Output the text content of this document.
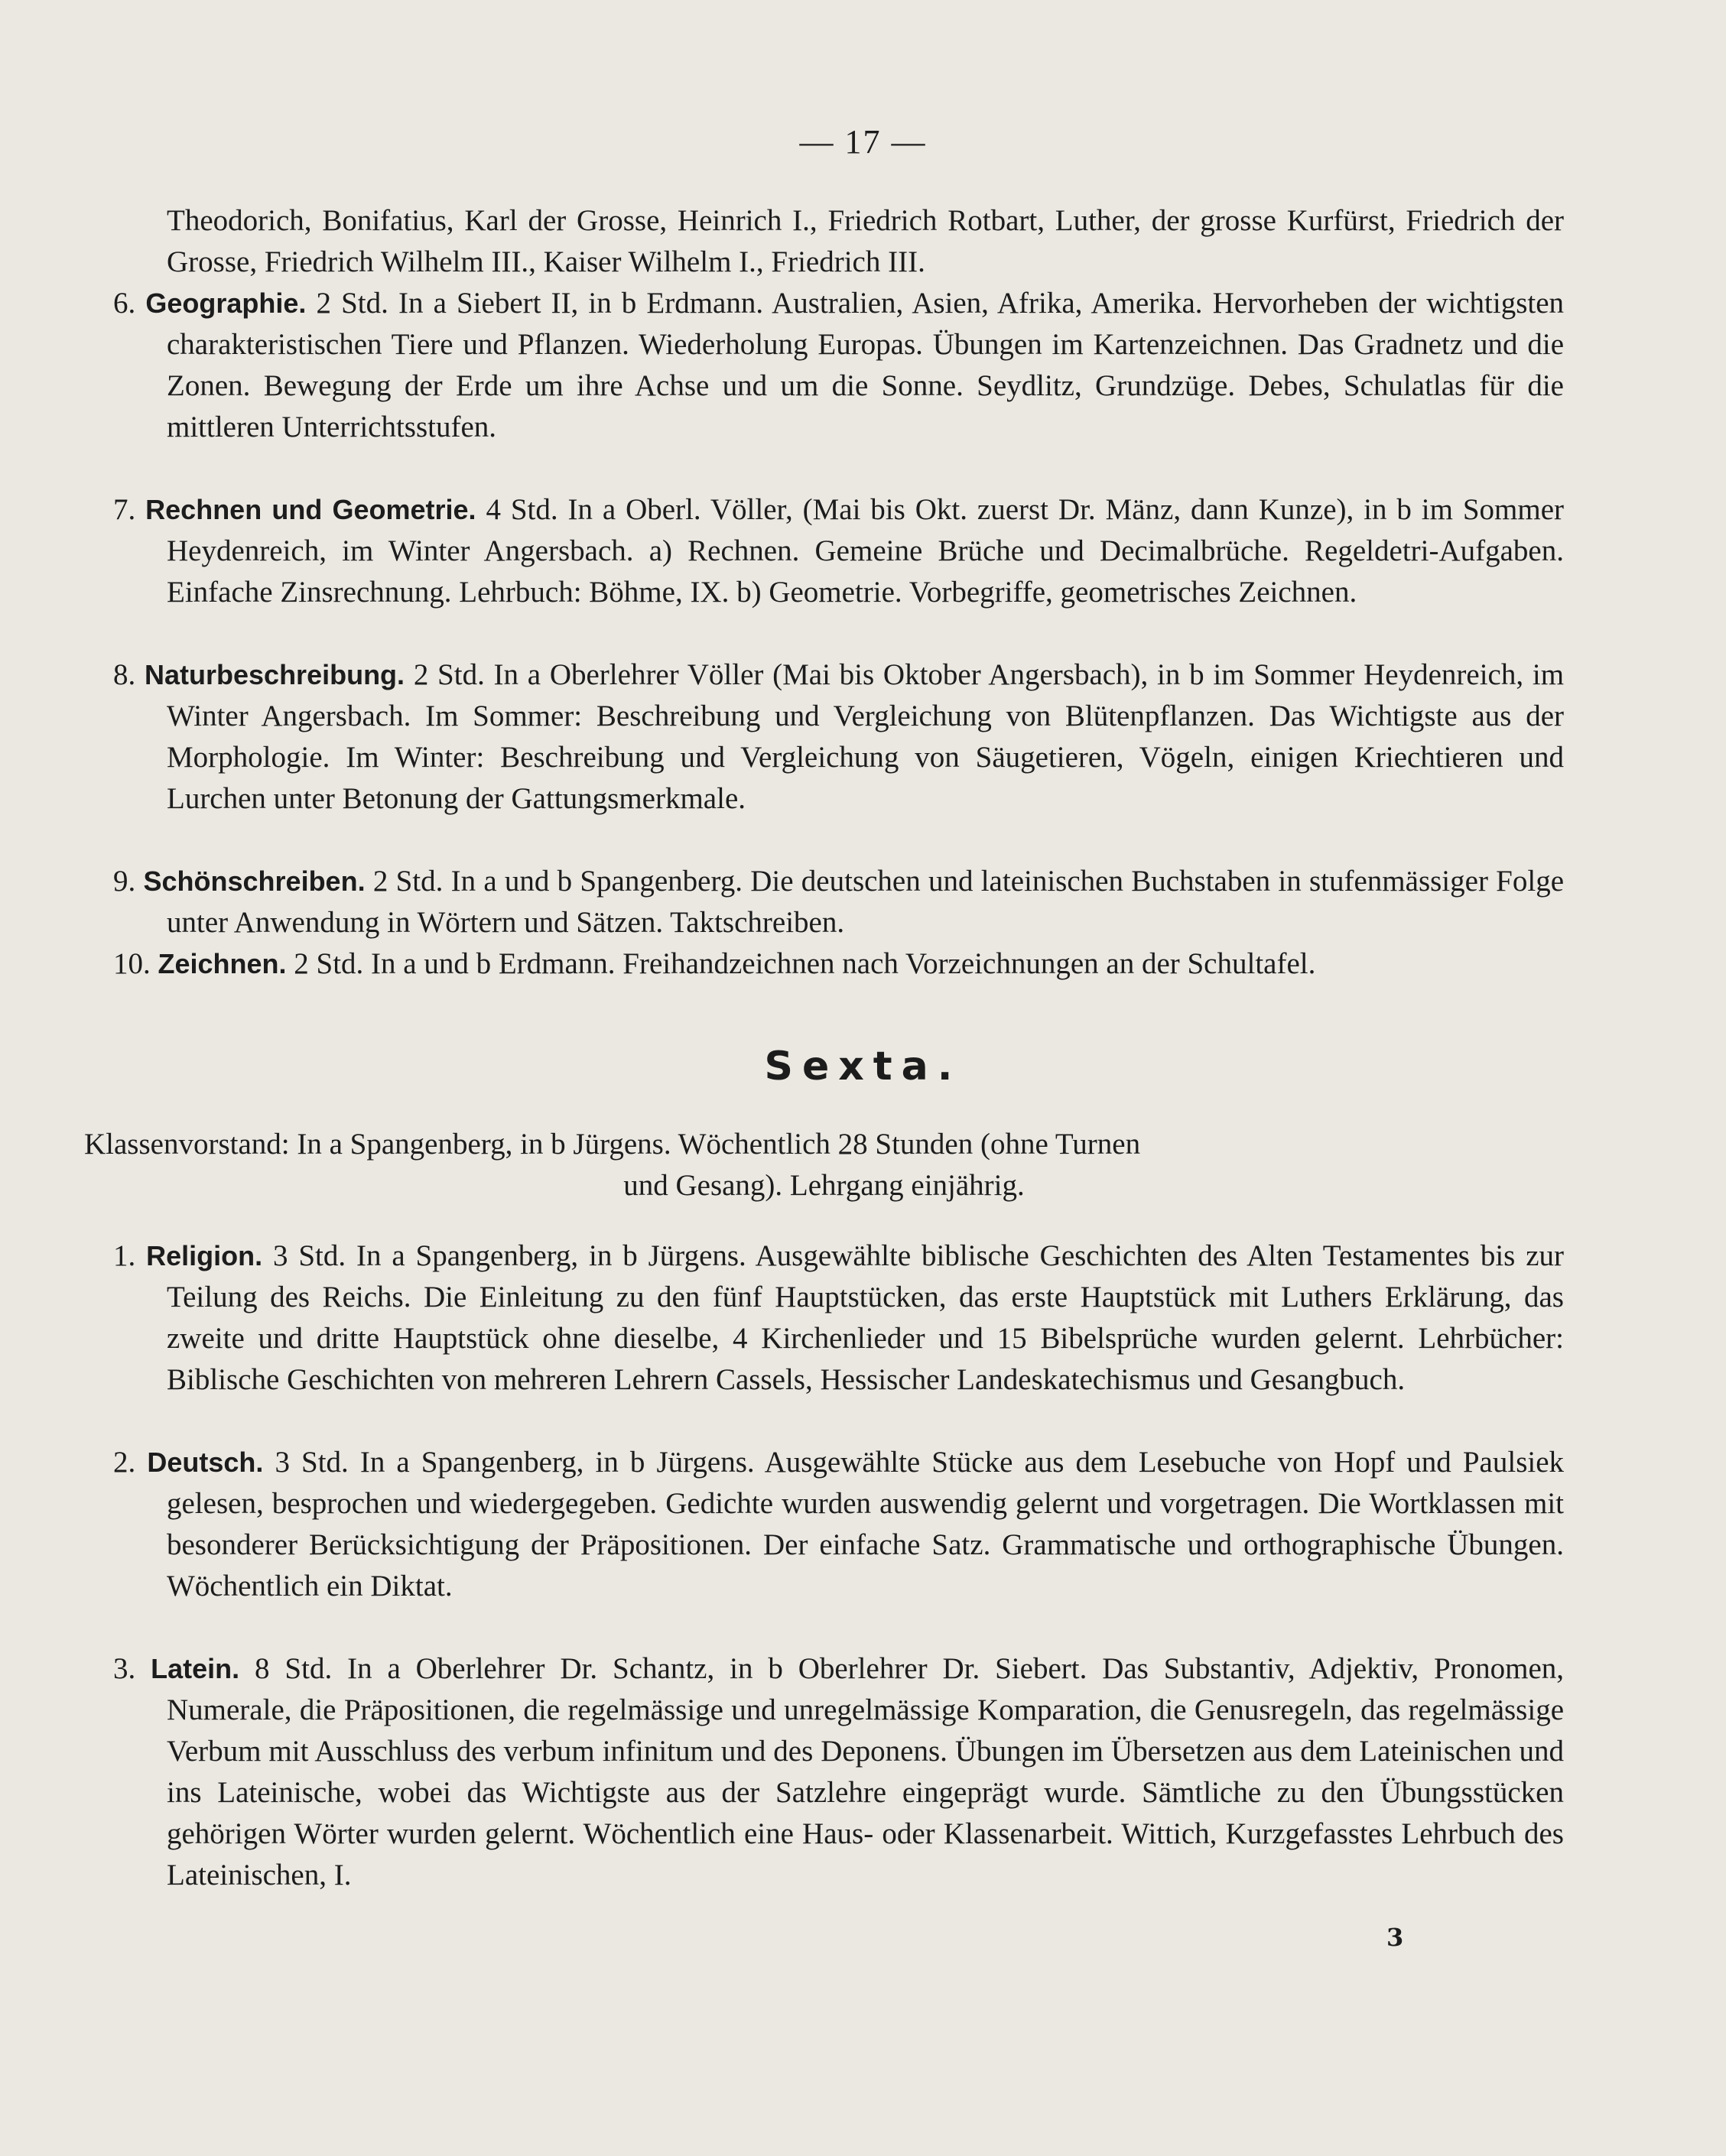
— 17 —
Theodorich, Bonifatius, Karl der Grosse, Heinrich I., Friedrich Rotbart, Luther, der grosse Kurfürst, Friedrich der Grosse, Friedrich Wilhelm III., Kaiser Wilhelm I., Friedrich III.

6. Geographie. 2 Std. In a Siebert II, in b Erdmann. Australien, Asien, Afrika, Amerika. Hervorheben der wichtigsten charakteristischen Tiere und Pflanzen. Wiederholung Europas. Übungen im Kartenzeichnen. Das Gradnetz und die Zonen. Bewegung der Erde um ihre Achse und um die Sonne. Seydlitz, Grundzüge. Debes, Schulatlas für die mittleren Unterrichtsstufen.

7. Rechnen und Geometrie. 4 Std. In a Oberl. Völler, (Mai bis Okt. zuerst Dr. Mänz, dann Kunze), in b im Sommer Heydenreich, im Winter Angersbach. a) Rechnen. Gemeine Brüche und Decimalbrüche. Regeldetri-Aufgaben. Einfache Zinsrechnung. Lehrbuch: Böhme, IX. b) Geometrie. Vorbegriffe, geometrisches Zeichnen.

8. Naturbeschreibung. 2 Std. In a Oberlehrer Völler (Mai bis Oktober Angersbach), in b im Sommer Heydenreich, im Winter Angersbach. Im Sommer: Beschreibung und Vergleichung von Blütenpflanzen. Das Wichtigste aus der Morphologie. Im Winter: Beschreibung und Vergleichung von Säugetieren, Vögeln, einigen Kriechtieren und Lurchen unter Betonung der Gattungsmerkmale.

9. Schönschreiben. 2 Std. In a und b Spangenberg. Die deutschen und lateinischen Buchstaben in stufenmässiger Folge unter Anwendung in Wörtern und Sätzen. Taktschreiben.

10. Zeichnen. 2 Std. In a und b Erdmann. Freihandzeichnen nach Vorzeichnungen an der Schultafel.

Sexta.
Klassenvorstand: In a Spangenberg, in b Jürgens. Wöchentlich 28 Stunden (ohne Turnen
und Gesang). Lehrgang einjährig.

1. Religion. 3 Std. In a Spangenberg, in b Jürgens. Ausgewählte biblische Geschichten des Alten Testamentes bis zur Teilung des Reichs. Die Einleitung zu den fünf Hauptstücken, das erste Hauptstück mit Luthers Erklärung, das zweite und dritte Hauptstück ohne dieselbe, 4 Kirchenlieder und 15 Bibelsprüche wurden gelernt. Lehrbücher: Biblische Geschichten von mehreren Lehrern Cassels, Hessischer Landeskatechismus und Gesangbuch.

2. Deutsch. 3 Std. In a Spangenberg, in b Jürgens. Ausgewählte Stücke aus dem Lesebuche von Hopf und Paulsiek gelesen, besprochen und wiedergegeben. Gedichte wurden auswendig gelernt und vorgetragen. Die Wortklassen mit besonderer Berücksichtigung der Präpositionen. Der einfache Satz. Grammatische und orthographische Übungen. Wöchentlich ein Diktat.

3. Latein. 8 Std. In a Oberlehrer Dr. Schantz, in b Oberlehrer Dr. Siebert. Das Substantiv, Adjektiv, Pronomen, Numerale, die Präpositionen, die regelmässige und unregelmässige Komparation, die Genusregeln, das regelmässige Verbum mit Ausschluss des verbum infinitum und des Deponens. Übungen im Übersetzen aus dem Lateinischen und ins Lateinische, wobei das Wichtigste aus der Satzlehre eingeprägt wurde. Sämtliche zu den Übungsstücken gehörigen Wörter wurden gelernt. Wöchentlich eine Haus- oder Klassenarbeit. Wittich, Kurzgefasstes Lehrbuch des Lateinischen, I.

3
